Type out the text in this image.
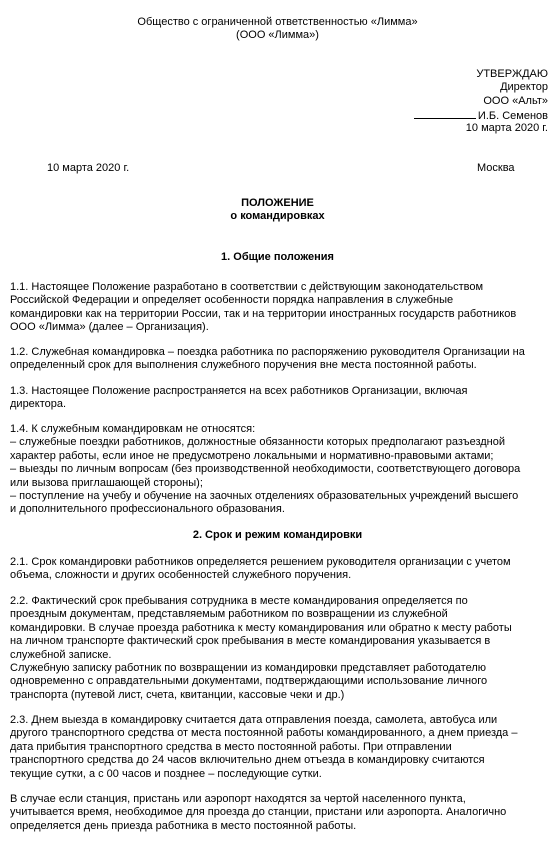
Общество с ограниченной ответственностью «Лимма»
(ООО «Лимма»)
УТВЕРЖДАЮ
Директор
ООО «Альт»
И.Б. Семенов
10 марта 2020 г.
10 марта 2020 г.	Москва
ПОЛОЖЕНИЕ
о командировках
1. Общие положения
2. Срок и режим командировки
1.1. Настоящее Положение разработано в соответствии с действующим законодательством
Российской Федерации и определяет особенности порядка направления в служебные
командировки как на территории России, так и на территории иностранных государств работников
ООО «Лимма» (далее – Организация).
1.2. Служебная командировка – поездка работника по распоряжению руководителя Организации на
определенный срок для выполнения служебного поручения вне места постоянной работы.
1.3. Настоящее Положение распространяется на всех работников Организации, включая
директора.
1.4. К служебным командировкам не относятся:
– служебные поездки работников, должностные обязанности которых предполагают разъездной
характер работы, если иное не предусмотрено локальными и нормативно-правовыми актами;
– выезды по личным вопросам (без производственной необходимости, соответствующего договора
или вызова приглашающей стороны);
– поступление на учебу и обучение на заочных отделениях образовательных учреждений высшего
и дополнительного профессионального образования.
2.1. Срок командировки работников определяется решением руководителя организации с учетом
объема, сложности и других особенностей служебного поручения.
2.2. Фактический срок пребывания сотрудника в месте командирования определяется по
проездным документам, представляемым работником по возвращении из служебной
командировки. В случае проезда работника к месту командирования или обратно к месту работы
на личном транспорте фактический срок пребывания в месте командирования указывается в
служебной записке.
Служебную записку работник по возвращении из командировки представляет работодателю
одновременно с оправдательными документами, подтверждающими использование личного
транспорта (путевой лист, счета, квитанции, кассовые чеки и др.)
2.3. Днем выезда в командировку считается дата отправления поезда, самолета, автобуса или
другого транспортного средства от места постоянной работы командированного, а днем приезда –
дата прибытия транспортного средства в место постоянной работы. При отправлении
транспортного средства до 24 часов включительно днем отъезда в командировку считаются
текущие сутки, а с 00 часов и позднее – последующие сутки.
В случае если станция, пристань или аэропорт находятся за чертой населенного пункта,
учитывается время, необходимое для проезда до станции, пристани или аэропорта. Аналогично
определяется день приезда работника в место постоянной работы.
